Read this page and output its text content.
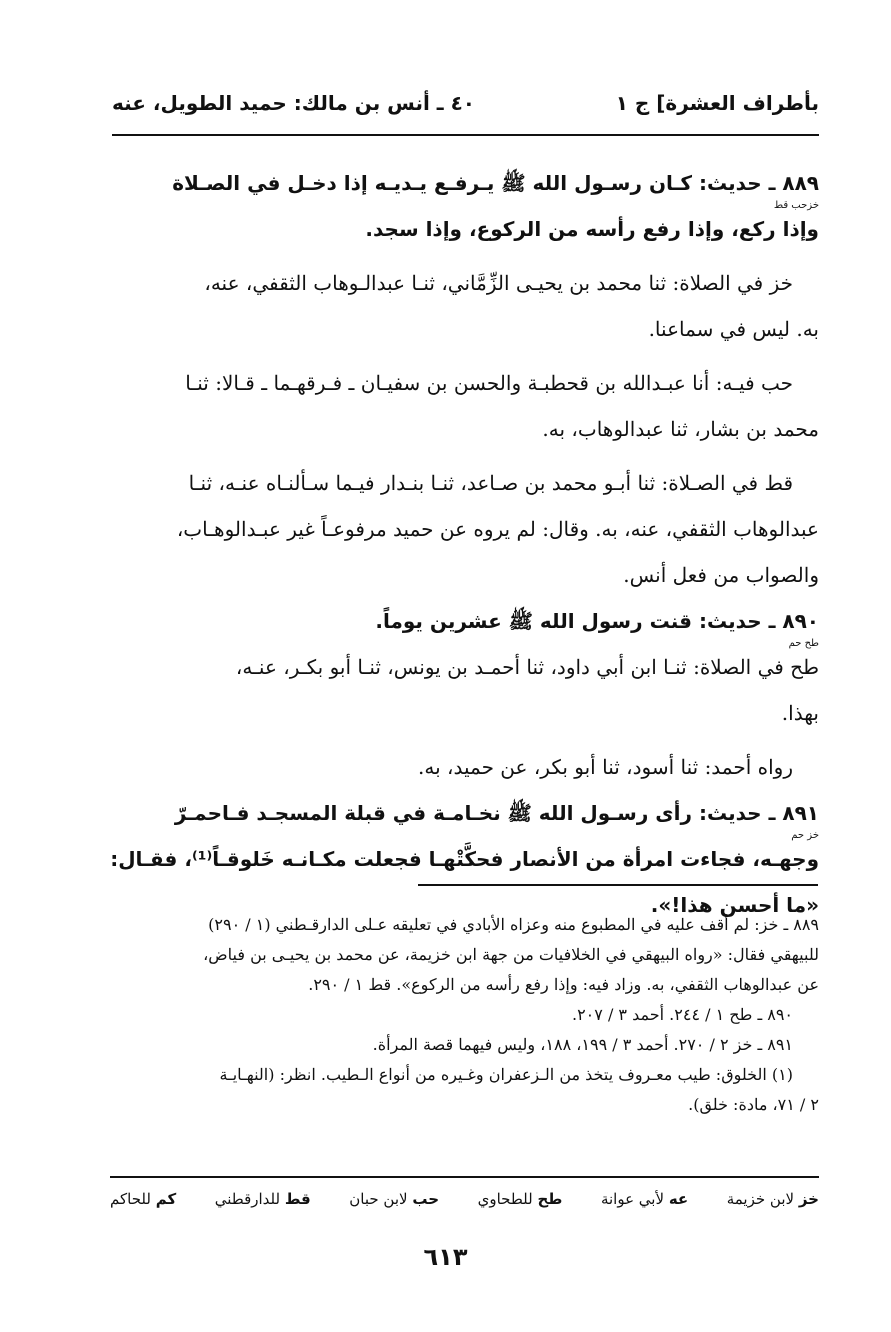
بأطراف العشرة] ج ١
٤٠ ـ أنس بن مالك: حميد الطويل، عنه
٨٨٩ ـ حديث: كـان رسـول الله ﷺ يـرفـع يـديـه إذا دخـل في الصـلاة
خزحب قط
وإذا ركع، وإذا رفع رأسه من الركوع، وإذا سجد.
خز في الصلاة: ثنا محمد بن يحيـى الزِّمَّاني، ثنـا عبدالـوهاب الثقفي، عنه،
به. ليس في سماعنا.
حب فيـه: أنا عبـدالله بن قحطبـة والحسن بن سفيـان ـ فـرقهـما ـ قـالا: ثنـا
محمد بن بشار، ثنا عبدالوهاب، به.
قط في الصـلاة: ثنا أبـو محمد بن صـاعد، ثنـا بنـدار فيـما سـألنـاه عنـه، ثنـا
عبدالوهاب الثقفي، عنه، به. وقال: لم يروه عن حميد مرفوعـاً غير عبـدالوهـاب،
والصواب من فعل أنس.
٨٩٠ ـ حديث: قنت رسول الله ﷺ عشرين يوماً.
طح حم
طح في الصلاة: ثنـا ابن أبي داود، ثنا أحمـد بن يونس، ثنـا أبو بكـر، عنـه،
بهذا.
رواه أحمد: ثنا أسود، ثنا أبو بكر، عن حميد، به.
٨٩١ ـ حديث: رأى رسـول الله ﷺ نخـامـة في قبلة المسجـد فـاحمـرّ
خز حم
وجهـه، فجاءت امرأة من الأنصار فحكَّتْهـا فجعلت مكـانـه خَلوقـاً⁽¹⁾، فقـال:
«ما أحسن هذا!».
٨٨٩ ـ خز: لم أقف عليه في المطبوع منه وعزاه الأبادي في تعليقه عـلى الدارقـطني (١ / ٢٩٠)
للبيهقي فقال: «رواه البيهقي في الخلافيات من جهة ابن خزيمة، عن محمد بن يحيـى بن فياض،
عن عبدالوهاب الثقفي، به. وزاد فيه: وإذا رفع رأسه من الركوع». قط ١ / ٢٩٠.
٨٩٠ ـ طح ١ / ٢٤٤. أحمد ٣ / ٢٠٧.
٨٩١ ـ خز ٢ / ٢٧٠. أحمد ٣ / ١٩٩، ١٨٨، وليس فيهما قصة المرأة.
(١) الخلوق: طيب معـروف يتخذ من الـزعفران وغـيره من أنواع الـطيب. انظر: (النهـايـة
٢ / ٧١، مادة: خلق).
خز لابن خزيمة
عه لأبي عوانة
طح للطحاوي
حب لابن حبان
قط للدارقطني
كم للحاكم
٦١٣
